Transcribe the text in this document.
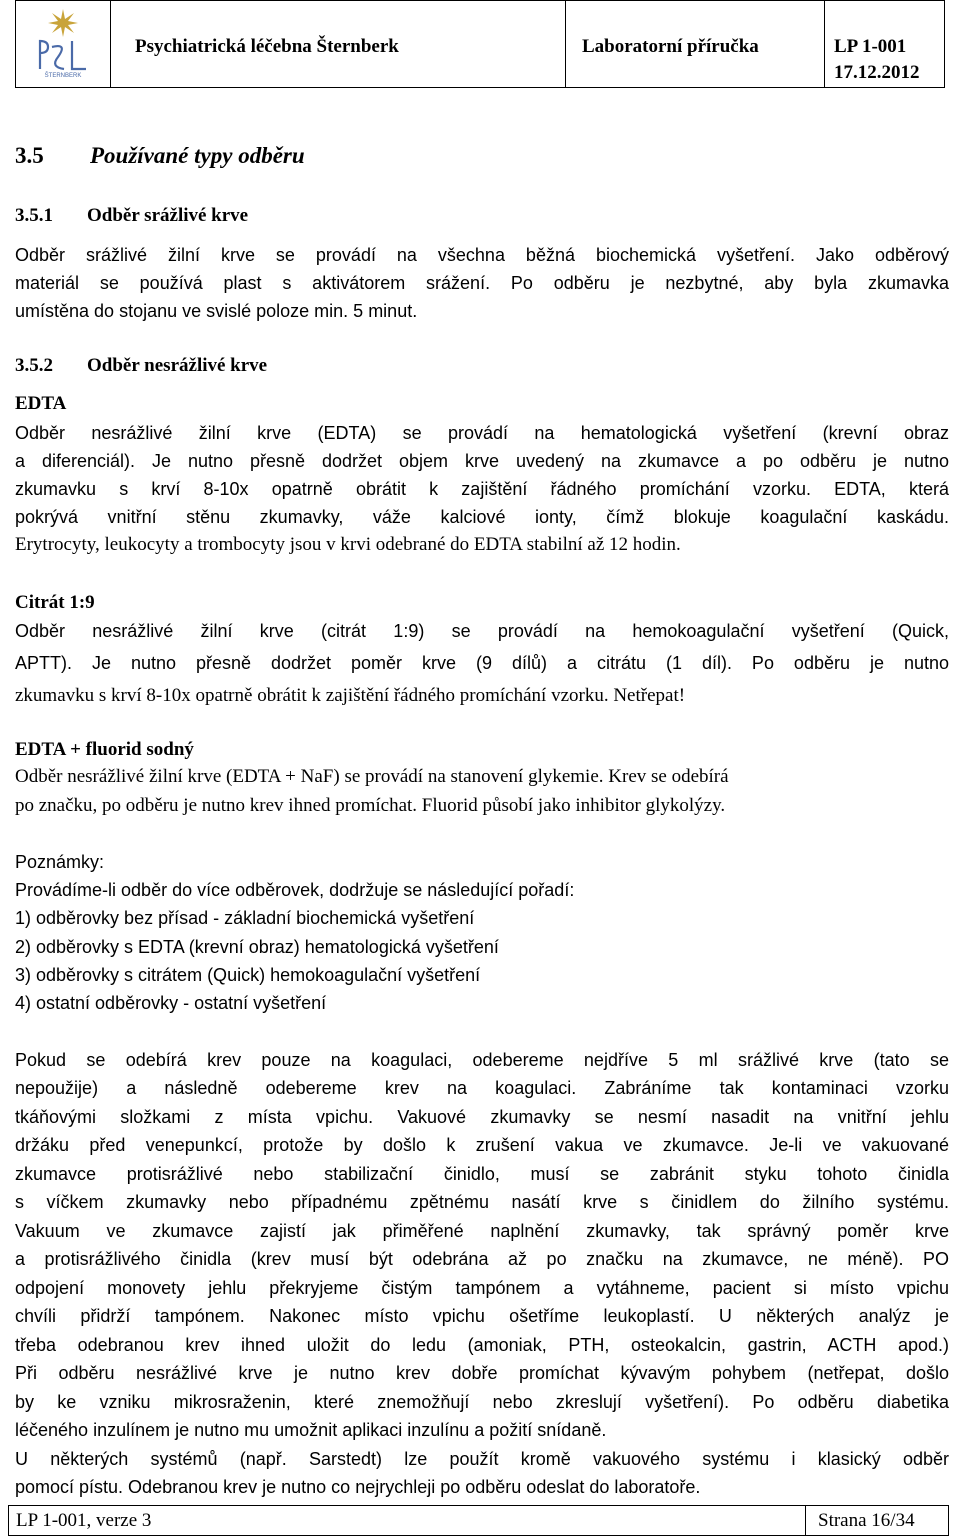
ŠTERNBERK
Psychiatrická léčebna Šternberk	Laboratorní příručka	LP 1-001
17.12.2012
3.5 Používané typy odběru
3.5.1 Odběr srážlivé krve
Odběr srážlivé žilní krve se provádí na všechna běžná biochemická vyšetření. Jako odběrový
materiál se používá plast s aktivátorem srážení. Po odběru je nezbytné, aby byla zkumavka
umístěna do stojanu ve svislé poloze min. 5 minut.
3.5.2 Odběr nesrážlivé krve
EDTA
Odběr nesrážlivé žilní krve (EDTA) se provádí na hematologická vyšetření (krevní obraz
a diferenciál). Je nutno přesně dodržet objem krve uvedený na zkumavce a po odběru je nutno
zkumavku s krví 8-10x opatrně obrátit k zajištění řádného promíchání vzorku. EDTA, která
pokrývá vnitřní stěnu zkumavky, váže kalciové ionty, čímž blokuje koagulační kaskádu.
Erytrocyty, leukocyty a trombocyty jsou v krvi odebrané do EDTA stabilní až 12 hodin.
Citrát 1:9
Odběr nesrážlivé žilní krve (citrát 1:9) se provádí na hemokoagulační vyšetření (Quick,
APTT). Je nutno přesně dodržet poměr krve (9 dílů) a citrátu (1 díl). Po odběru je nutno
zkumavku s krví 8-10x opatrně obrátit k zajištění řádného promíchání vzorku. Netřepat!
EDTA + fluorid sodný
Odběr nesrážlivé žilní krve (EDTA + NaF) se provádí na stanovení glykemie. Krev se odebírá
po značku, po odběru je nutno krev ihned promíchat. Fluorid působí jako inhibitor glykolýzy.
Poznámky:
Provádíme-li odběr do více odběrovek, dodržuje se následující pořadí:
1) odběrovky bez přísad - základní biochemická vyšetření
2) odběrovky s EDTA (krevní obraz) hematologická vyšetření
3) odběrovky s citrátem (Quick) hemokoagulační vyšetření
4) ostatní odběrovky - ostatní vyšetření
Pokud se odebírá krev pouze na koagulaci, odebereme nejdříve 5 ml srážlivé krve (tato se
nepoužije) a následně odebereme krev na koagulaci. Zabráníme tak kontaminaci vzorku
tkáňovými složkami z místa vpichu. Vakuové zkumavky se nesmí nasadit na vnitřní jehlu
držáku před venepunkcí, protože by došlo k zrušení vakua ve zkumavce. Je-li ve vakuované
zkumavce protisrážlivé nebo stabilizační činidlo, musí se zabránit styku tohoto činidla
s víčkem zkumavky nebo případnému zpětnému nasátí krve s činidlem do žilního systému.
Vakuum ve zkumavce zajistí jak přiměřené naplnění zkumavky, tak správný poměr krve
a protisrážlivého činidla (krev musí být odebrána až po značku na zkumavce, ne méně). PO
odpojení monovety jehlu překryjeme čistým tampónem a vytáhneme, pacient si místo vpichu
chvíli přidrží tampónem. Nakonec místo vpichu ošetříme leukoplastí. U některých analýz je
třeba odebranou krev ihned uložit do ledu (amoniak, PTH, osteokalcin, gastrin, ACTH apod.)
Při odběru nesrážlivé krve je nutno krev dobře promíchat kývavým pohybem (netřepat, došlo
by ke vzniku mikrosraženin, které znemožňují nebo zkreslují vyšetření). Po odběru diabetika
léčeného inzulínem je nutno mu umožnit aplikaci inzulínu a požití snídaně.
U některých systémů (např. Sarstedt) lze použít kromě vakuového systému i klasický odběr
pomocí pístu. Odebranou krev je nutno co nejrychleji po odběru odeslat do laboratoře.
LP 1-001, verze 3	Strana 16/34
